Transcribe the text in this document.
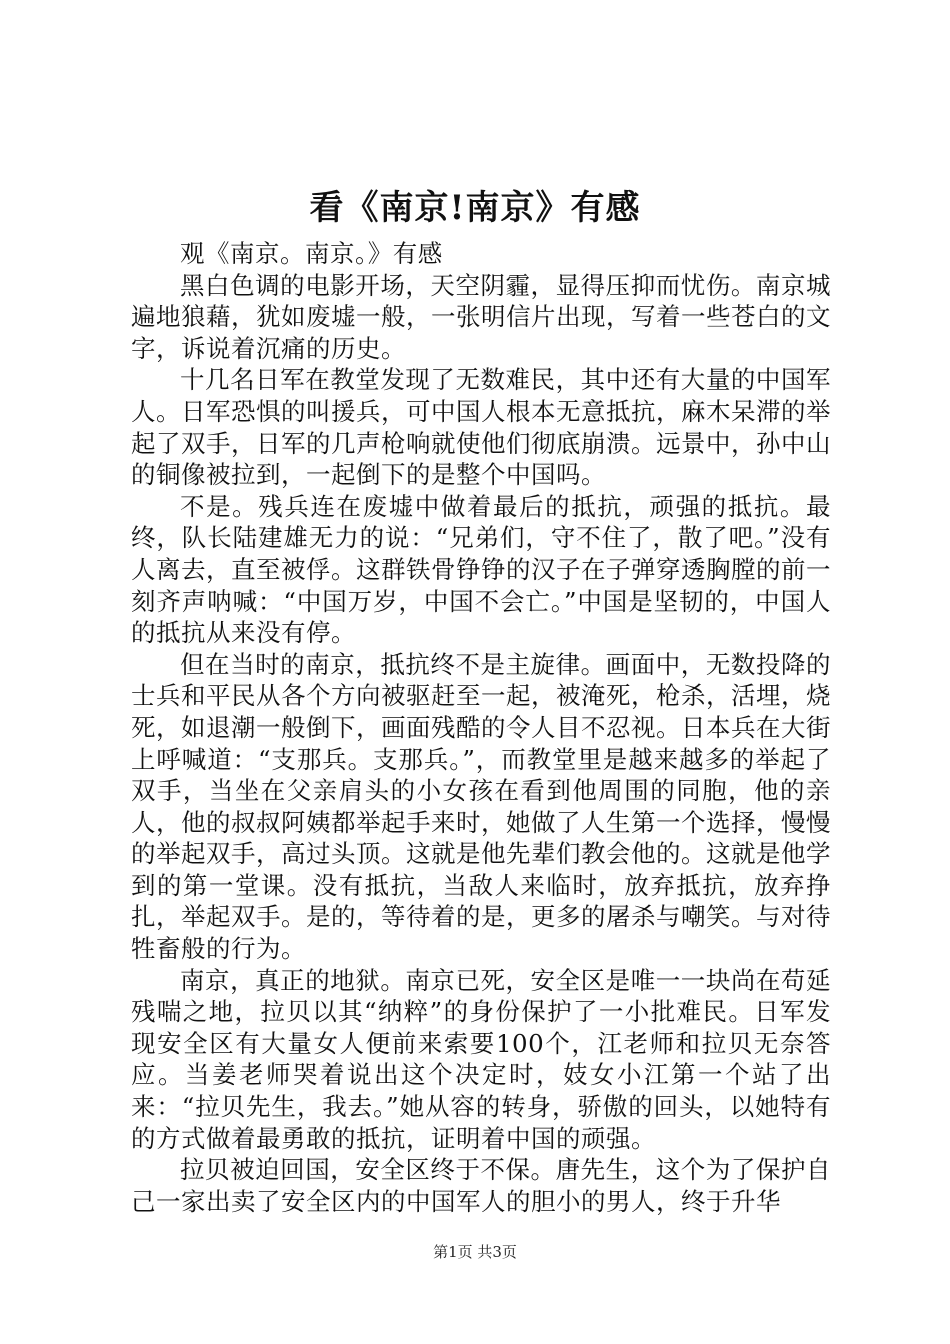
看《南京!南京》有感

观《南京。南京。》有感

黑白色调的电影开场，天空阴霾，显得压抑而忧伤。南京城遍地狼藉，犹如废墟一般，一张明信片出现，写着一些苍白的文字，诉说着沉痛的历史。

十几名日军在教堂发现了无数难民，其中还有大量的中国军人。日军恐惧的叫援兵，可中国人根本无意抵抗，麻木呆滞的举起了双手，日军的几声枪响就使他们彻底崩溃。远景中，孙中山的铜像被拉到，一起倒下的是整个中国吗。

不是。残兵连在废墟中做着最后的抵抗，顽强的抵抗。最终，队长陆建雄无力的说：“兄弟们，守不住了，散了吧。”没有人离去，直至被俘。这群铁骨铮铮的汉子在子弹穿透胸膛的前一刻齐声呐喊：“中国万岁，中国不会亡。”中国是坚韧的，中国人的抵抗从来没有停。

但在当时的南京，抵抗终不是主旋律。画面中，无数投降的士兵和平民从各个方向被驱赶至一起，被淹死，枪杀，活埋，烧死，如退潮一般倒下，画面残酷的令人目不忍视。日本兵在大街上呼喊道：“支那兵。支那兵。”，而教堂里是越来越多的举起了双手，当坐在父亲肩头的小女孩在看到他周围的同胞，他的亲人，他的叔叔阿姨都举起手来时，她做了人生第一个选择，慢慢的举起双手，高过头顶。这就是他先辈们教会他的。这就是他学到的第一堂课。没有抵抗，当敌人来临时，放弃抵抗，放弃挣扎，举起双手。是的，等待着的是，更多的屠杀与嘲笑。与对待牲畜般的行为。

南京，真正的地狱。南京已死，安全区是唯一一块尚在苟延残喘之地，拉贝以其“纳粹”的身份保护了一小批难民。日军发现安全区有大量女人便前来索要100个，江老师和拉贝无奈答应。当姜老师哭着说出这个决定时，妓女小江第一个站了出来：“拉贝先生，我去。”她从容的转身，骄傲的回头，以她特有的方式做着最勇敢的抵抗，证明着中国的顽强。

拉贝被迫回国，安全区终于不保。唐先生，这个为了保护自己一家出卖了安全区内的中国军人的胆小的男人，终于升华

第1页 共3页
